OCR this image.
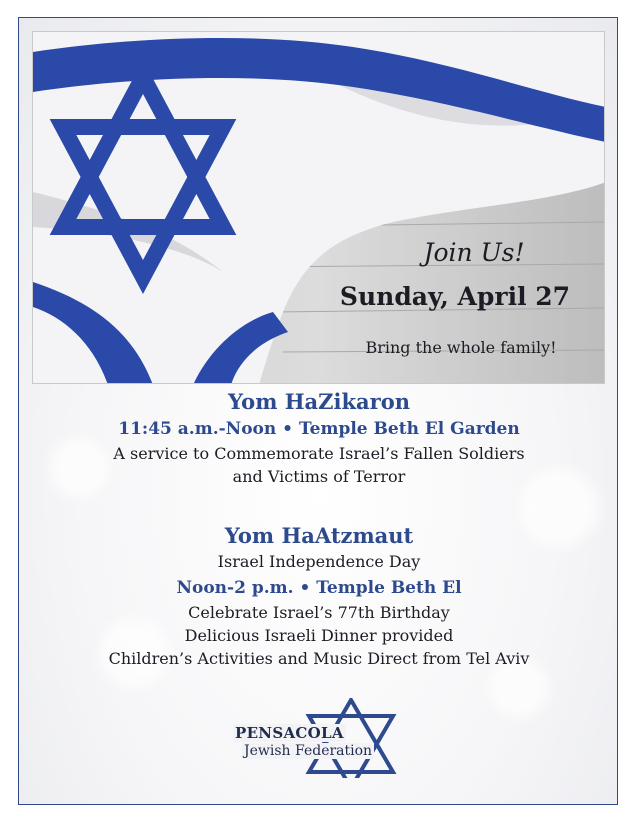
Join Us!
Sunday, April 27
Bring the whole family!
Yom HaZikaron
11:45 a.m.-Noon • Temple Beth El Garden
A service to Commemorate Israel’s Fallen Soldiers
and Victims of Terror
Yom HaAtzmaut
Israel Independence Day
Noon-2 p.m. • Temple Beth El
Celebrate Israel’s 77th Birthday
Delicious Israeli Dinner provided
Children’s Activities and Music Direct from Tel Aviv
PENSACOLA
Jewish Federation
